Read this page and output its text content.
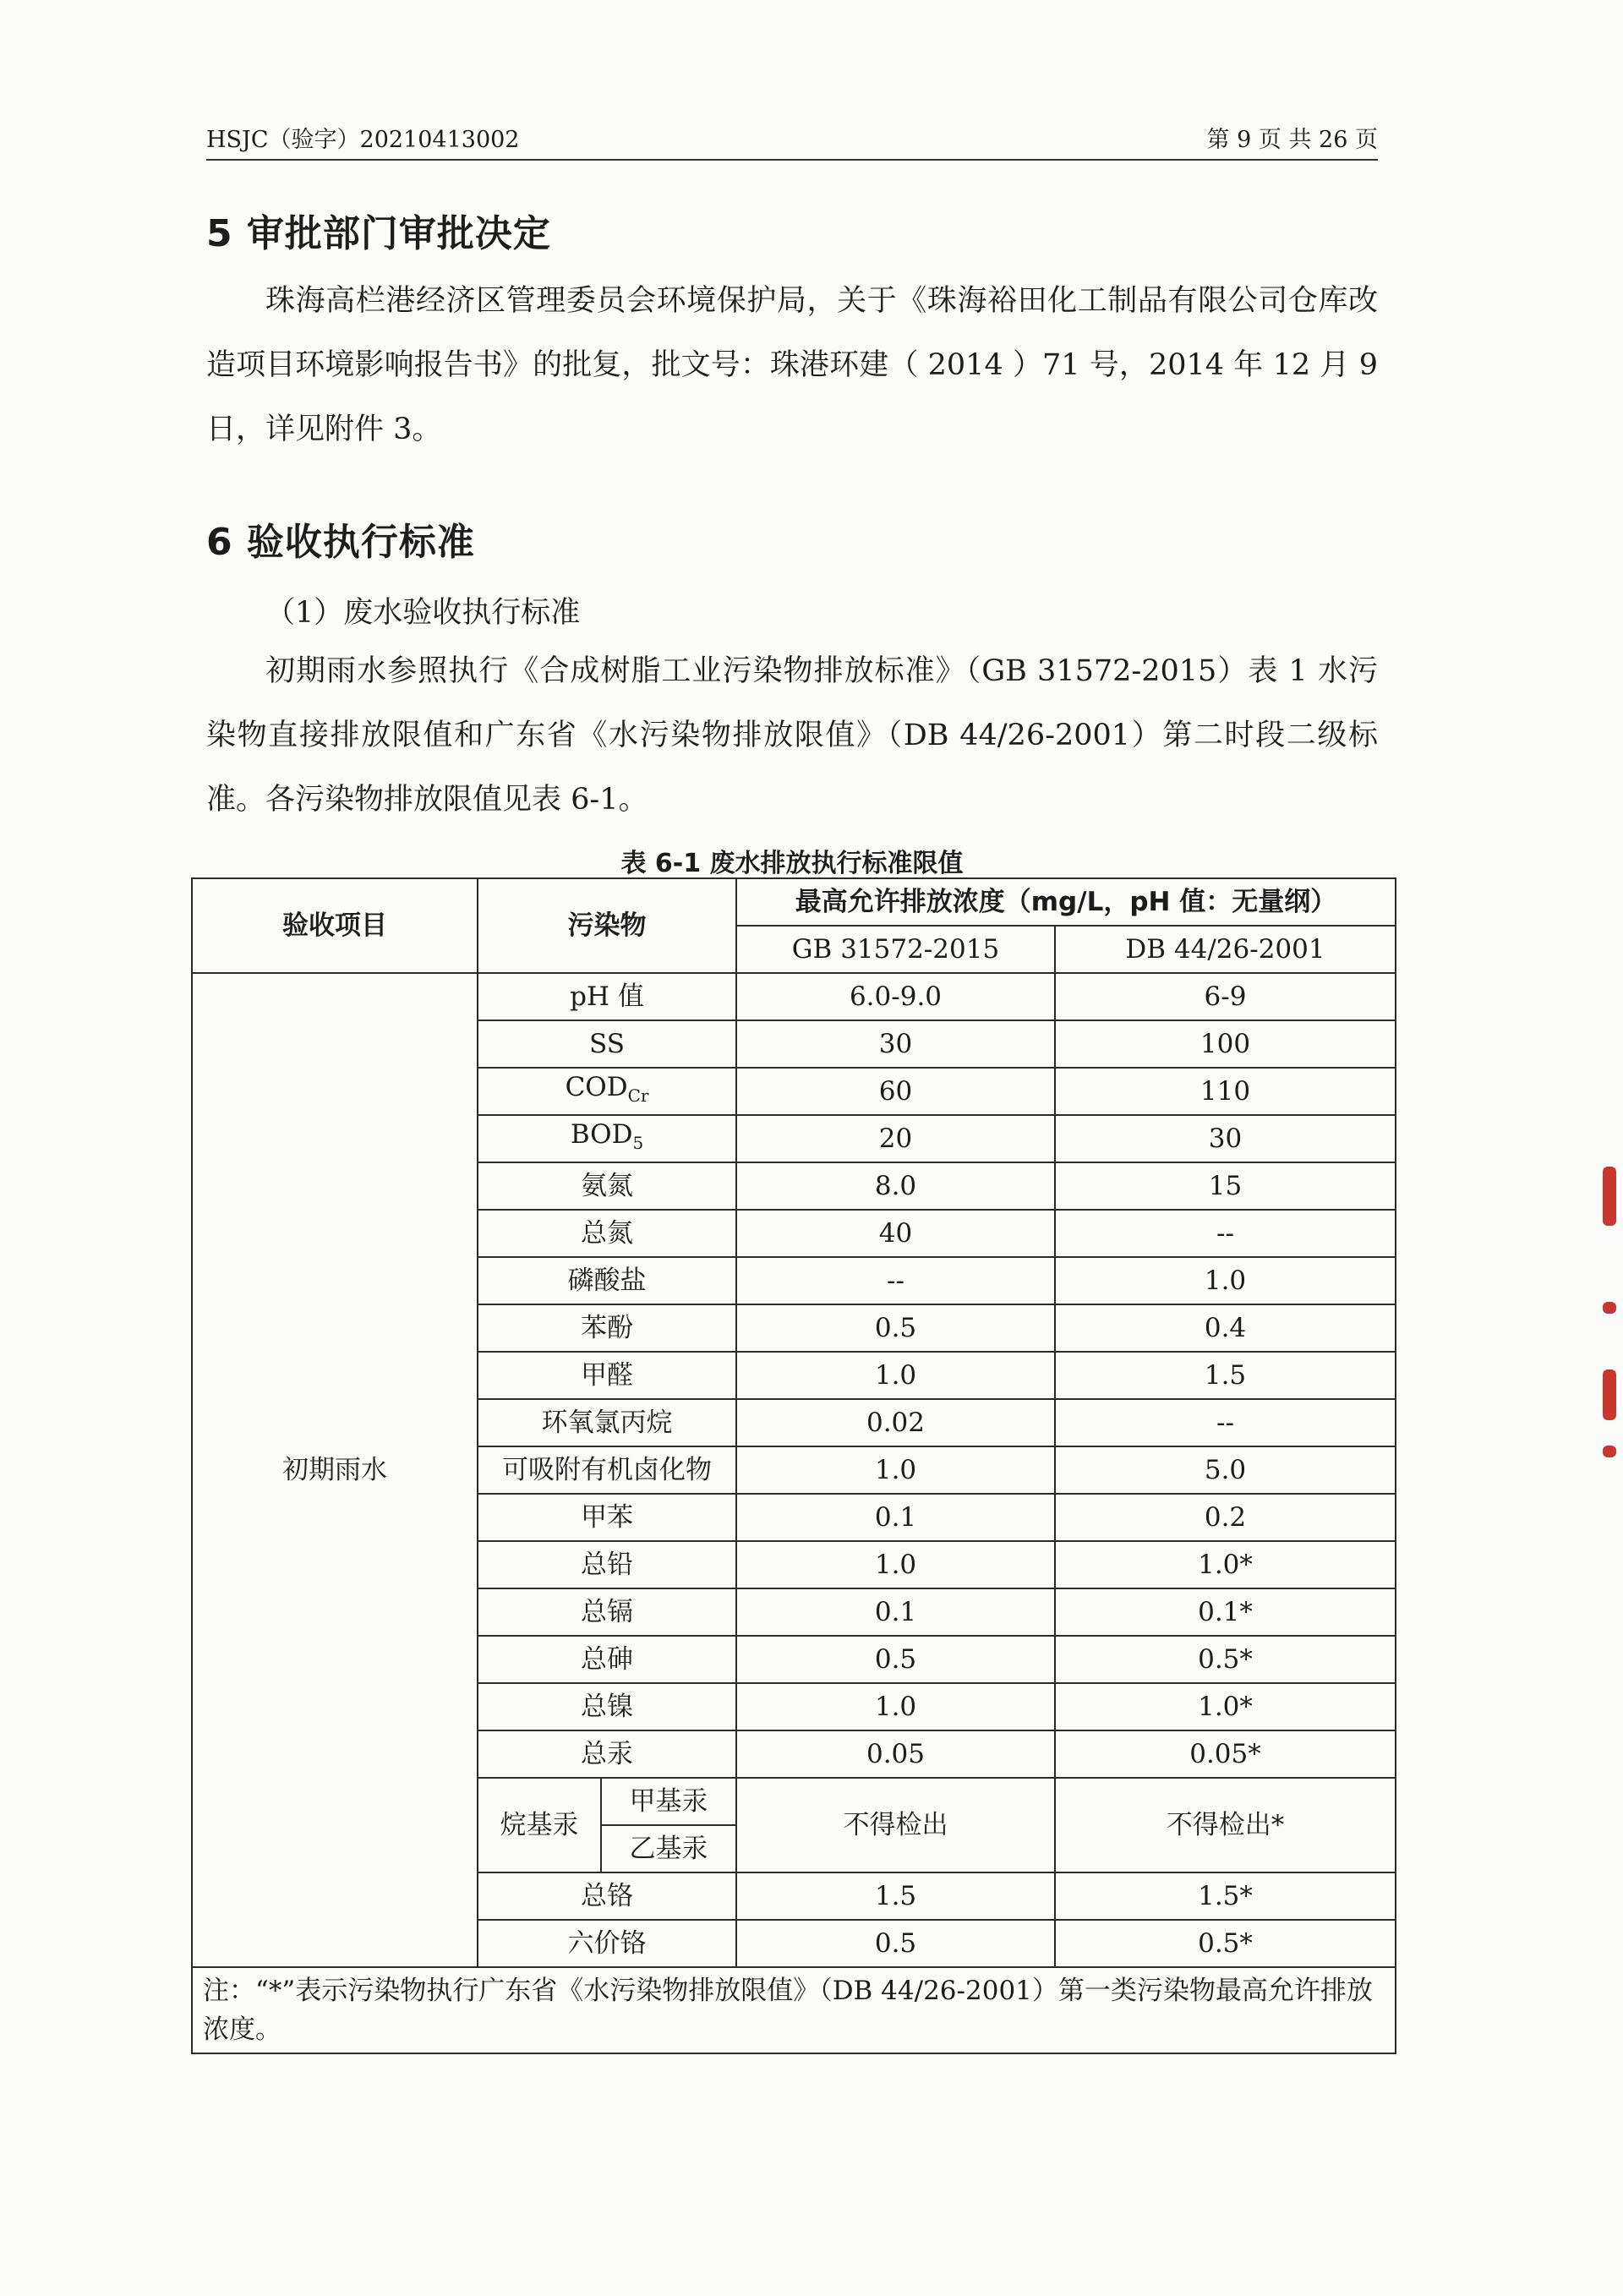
HSJC（验字）20210413002	第 9 页 共 26 页
5 审批部门审批决定
珠海高栏港经济区管理委员会环境保护局，关于《珠海裕田化工制品有限公司仓库改造项目环境影响报告书》的批复，批文号：珠港环建（ 2014 ）71 号，2014 年 12 月 9 日，详见附件 3。
6 验收执行标准
（1）废水验收执行标准
初期雨水参照执行《合成树脂工业污染物排放标准》（GB 31572-2015）表 1 水污染物直接排放限值和广东省《水污染物排放限值》（DB 44/26-2001）第二时段二级标准。各污染物排放限值见表 6-1。
表 6-1 废水排放执行标准限值
验收项目	污染物		最高允许排放浓度（mg/L，pH 值：无量纲）	
			GB 31572-2015	DB 44/26-2001
初期雨水	pH 值		6.0-9.0	6-9
	SS		30	100
	$COD_{Cr}$		60	110
	$BOD_5$		20	30
	氨氮		8.0	15
	总氮		40	--
	磷酸盐		--	1.0
	苯酚		0.5	0.4
	甲醛		1.0	1.5
	环氧氯丙烷		0.02	--
	可吸附有机卤化物		1.0	5.0
	甲苯		0.1	0.2
	总铅		1.0	1.0*
	总镉		0.1	0.1*
	总砷		0.5	0.5*
	总镍		1.0	1.0*
	总汞		0.05	0.05*
	烷基汞	甲基汞	不得检出	不得检出*
		乙基汞		
	总铬		1.5	1.5*
	六价铬		0.5	0.5*
注：“*”表示污染物执行广东省《水污染物排放限值》（DB 44/26-2001）第一类污染物最高允许排放浓度。				
